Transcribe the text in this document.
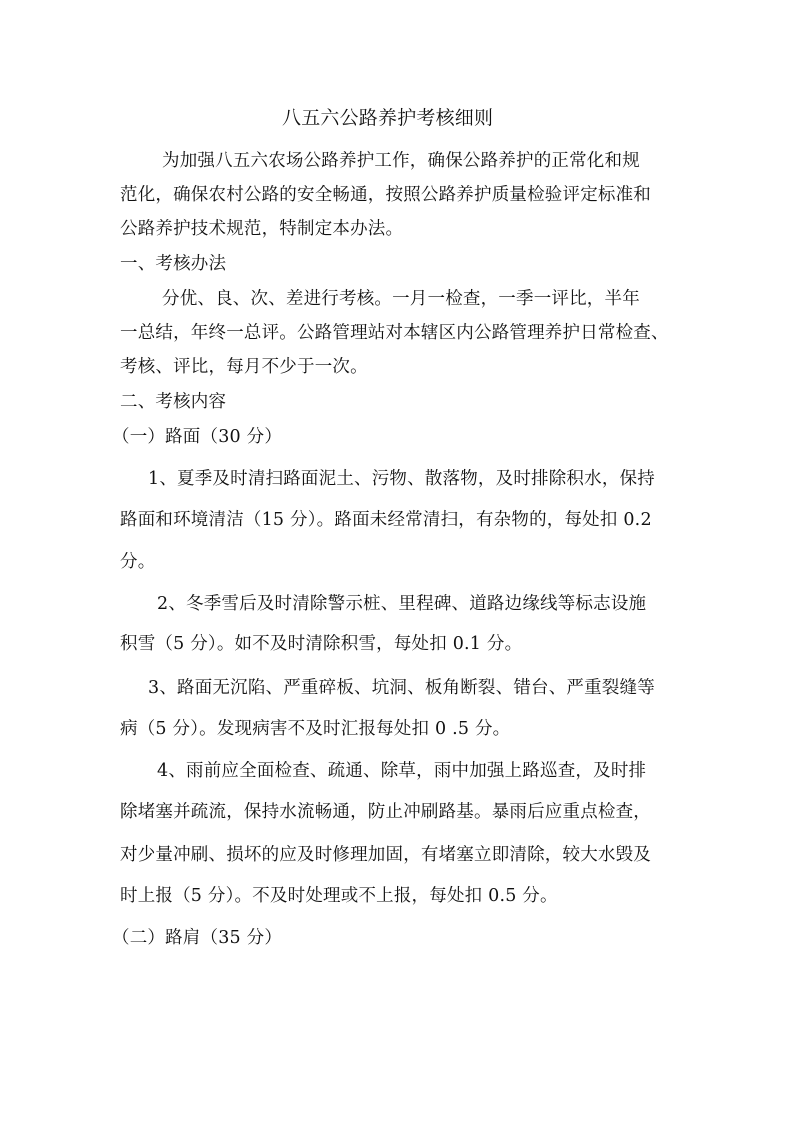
八五六公路养护考核细则
为加强八五六农场公路养护工作，确保公路养护的正常化和规
范化，确保农村公路的安全畅通，按照公路养护质量检验评定标准和
公路养护技术规范，特制定本办法。
一、考核办法
分优、良、次、差进行考核。一月一检查，一季一评比，半年
一总结，年终一总评。公路管理站对本辖区内公路管理养护日常检查、
考核、评比，每月不少于一次。
二、考核内容
（一）路面（30 分）
1、夏季及时清扫路面泥土、污物、散落物，及时排除积水，保持
路面和环境清洁（15 分）。路面未经常清扫，有杂物的，每处扣 0.2
分。
2、冬季雪后及时清除警示桩、里程碑、道路边缘线等标志设施
积雪（5 分）。如不及时清除积雪，每处扣 0.1 分。
3、路面无沉陷、严重碎板、坑洞、板角断裂、错台、严重裂缝等
病（5 分）。发现病害不及时汇报每处扣 0 .5 分。
4、雨前应全面检查、疏通、除草，雨中加强上路巡查，及时排
除堵塞并疏流，保持水流畅通，防止冲刷路基。暴雨后应重点检查，
对少量冲刷、损坏的应及时修理加固，有堵塞立即清除，较大水毁及
时上报（5 分）。不及时处理或不上报，每处扣 0.5 分。
（二）路肩（35 分）
